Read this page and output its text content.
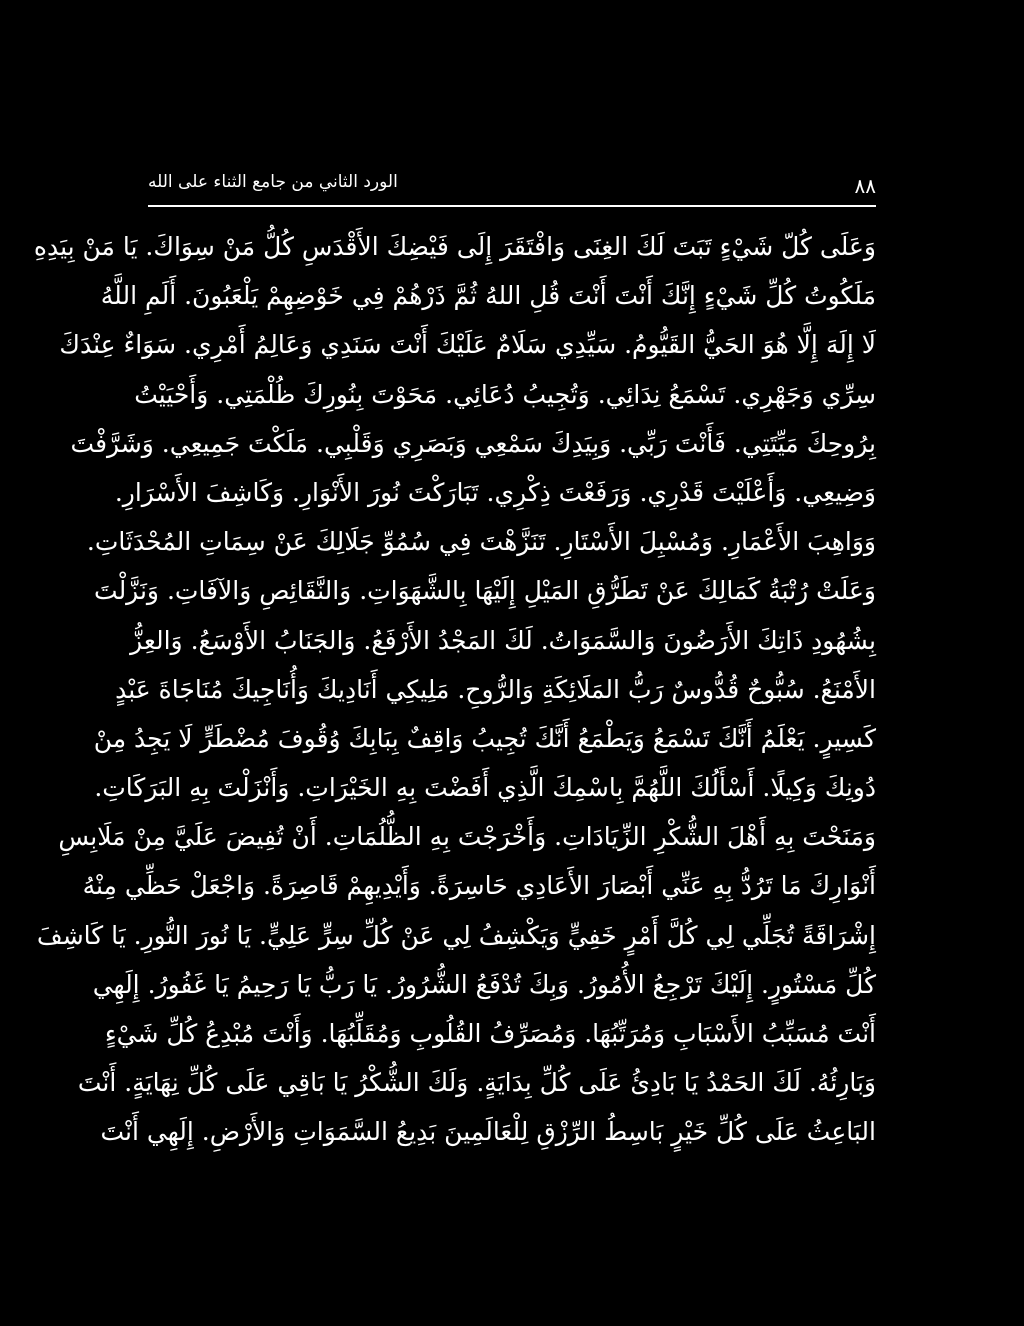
الورد الثاني من جامع الثناء على الله	٨٨
وَعَلَى كُلّ شَيْءٍ تَبَتَ لَكَ الغِنَى وَافْتَقَرَ إِلَى فَيْضِكَ الأَقْدَسِ كُلُّ مَنْ سِوَاكَ. يَا مَنْ بِيَدِهِ
مَلَكُوتُ كُلِّ شَيْءٍ إِنَّكَ أَنْتَ أَنْتَ قُلِ اللهُ ثُمَّ ذَرْهُمْ فِي خَوْضِهِمْ يَلْعَبُونَ. أَلَمِ اللَّهُ
لَا إِلَهَ إِلَّا هُوَ الحَيُّ القَيُّومُ. سَيِّدِي سَلَامٌ عَلَيْكَ أَنْتَ سَنَدِي وَعَالِمُ أَمْرِي. سَوَاءٌ عِنْدَكَ
سِرِّي وَجَهْرِي. تَسْمَعُ نِدَائِي. وَتُجِيبُ دُعَائِي. مَحَوْتَ بِنُورِكَ ظُلْمَتِي. وَأَحْيَيْتُ
بِرُوحِكَ مَيِّتَتِي. فَأَنْتَ رَبِّي. وَبِيَدِكَ سَمْعِي وَبَصَرِي وَقَلْبِي. مَلَكْتَ جَمِيعِي. وَشَرَّفْتَ
وَضِيعِي. وَأَعْلَيْتَ قَدْرِي. وَرَفَعْتَ ذِكْرِي. تَبَارَكْتَ نُورَ الأَنْوَارِ. وَكَاشِفَ الأَسْرَارِ.
وَوَاهِبَ الأَعْمَارِ. وَمُسْبِلَ الأَسْتَارِ. تَنَزَّهْتَ فِي سُمُوِّ جَلَالِكَ عَنْ سِمَاتِ المُحْدَثَاتِ.
وَعَلَتْ رُتْبَةُ كَمَالِكَ عَنْ تَطَرُّقِ المَيْلِ إِلَيْهَا بِالشَّهَوَاتِ. وَالنَّقَائِصِ وَالآفَاتِ. وَنَزَّلْتَ
بِشُهُودِ ذَاتِكَ الأَرَضُونَ وَالسَّمَوَاتُ. لَكَ المَجْدُ الأَرْفَعُ. وَالجَنَابُ الأَوْسَعُ. وَالعِزُّ
الأَمْنَعُ. سُبُّوحٌ قُدُّوسٌ رَبُّ المَلَائِكَةِ وَالرُّوحِ. مَلِيكِي أَنَادِيكَ وَأُنَاجِيكَ مُنَاجَاةَ عَبْدٍ
كَسِيرٍ. يَعْلَمُ أَنَّكَ تَسْمَعُ وَيَطْمَعُ أَنَّكَ تُجِيبُ وَاقِفٌ بِبَابِكَ وُقُوفَ مُضْطَرٍّ لَا يَجِدُ مِنْ
دُونِكَ وَكِيلًا. أَسْأَلُكَ اللَّهُمَّ بِاسْمِكَ الَّذِي أَفَضْتَ بِهِ الخَيْرَاتِ. وَأَنْزَلْتَ بِهِ البَرَكَاتِ.
وَمَنَحْتَ بِهِ أَهْلَ الشُّكْرِ الزِّيَادَاتِ. وَأَخْرَجْتَ بِهِ الظُّلُمَاتِ. أَنْ تُفِيضَ عَلَيَّ مِنْ مَلَابِسِ
أَنْوَارِكَ مَا تَرُدُّ بِهِ عَنِّي أَبْصَارَ الأَعَادِي حَاسِرَةً. وَأَيْدِيهِمْ قَاصِرَةً. وَاجْعَلْ حَظِّي مِنْهُ
إِشْرَاقَةً تُجَلِّي لِي كُلَّ أَمْرٍ خَفِيٍّ وَيَكْشِفُ لِي عَنْ كُلِّ سِرٍّ عَلِيٍّ. يَا نُورَ النُّورِ. يَا كَاشِفَ
كُلِّ مَسْتُورٍ. إِلَيْكَ تَرْجِعُ الأُمُورُ. وَبِكَ تُدْفَعُ الشُّرُورُ. يَا رَبُّ يَا رَحِيمُ يَا غَفُورُ. إِلَهِي
أَنْتَ مُسَبِّبُ الأَسْبَابِ وَمُرَتِّبُهَا. وَمُصَرِّفُ القُلُوبِ وَمُقَلِّبُهَا. وَأَنْتَ مُبْدِعُ كُلِّ شَيْءٍ
وَبَارِئُهُ. لَكَ الحَمْدُ يَا بَادِئُ عَلَى كُلِّ بِدَايَةٍ. وَلَكَ الشُّكْرُ يَا بَاقِي عَلَى كُلِّ نِهَايَةٍ. أَنْتَ
البَاعِثُ عَلَى كُلِّ خَيْرٍ بَاسِطُ الرِّزْقِ لِلْعَالَمِينَ بَدِيعُ السَّمَوَاتِ وَالأَرْضِ. إِلَهِي أَنْتَ
